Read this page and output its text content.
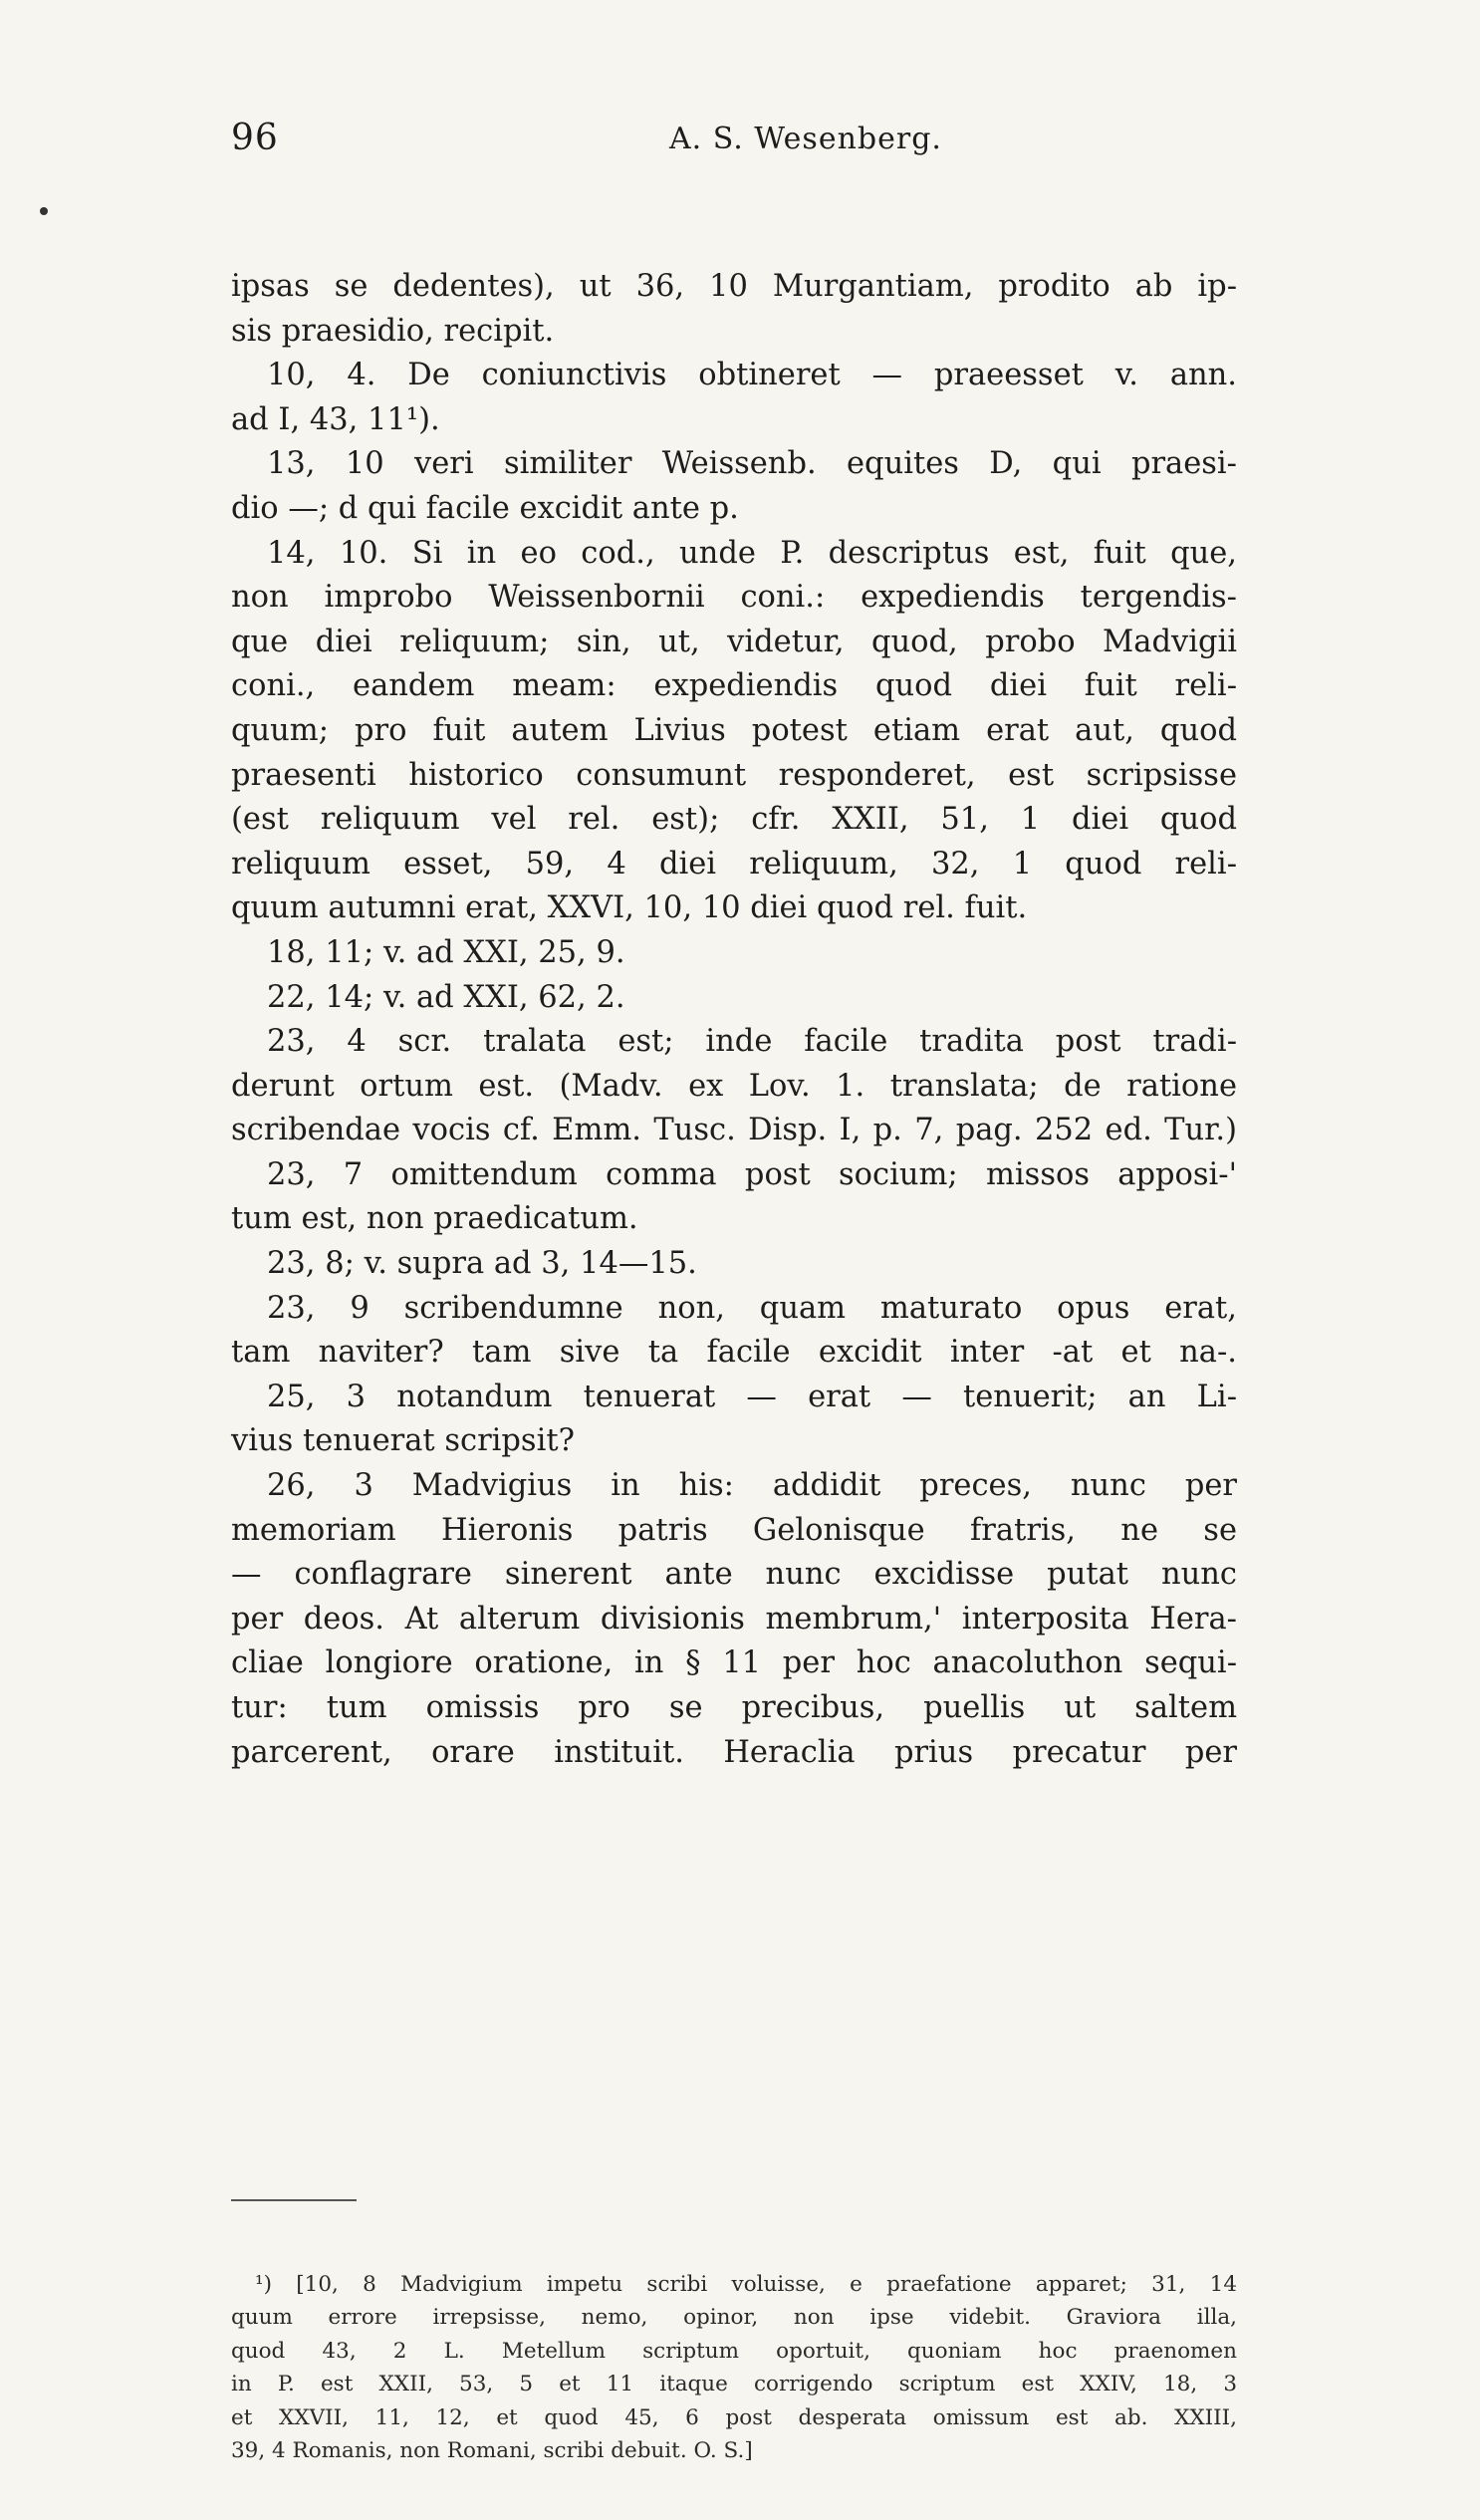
96	A. S. Wesenberg.
ipsas se dedentes), ut 36, 10 Murgantiam, prodito ab ip-
sis praesidio, recipit.
10, 4. De coniunctivis obtineret — praeesset v. ann.
ad I, 43, 11¹).
13, 10 veri similiter Weissenb. equites D, qui praesi-
dio —; d qui facile excidit ante p.
14, 10. Si in eo cod., unde P. descriptus est, fuit que,
non improbo Weissenbornii coni.: expediendis tergendis-
que diei reliquum; sin, ut, videtur, quod, probo Madvigii
coni., eandem meam: expediendis quod diei fuit reli-
quum; pro fuit autem Livius potest etiam erat aut, quod
praesenti historico consumunt responderet, est scripsisse
(est reliquum vel rel. est); cfr. XXII, 51, 1 diei quod
reliquum esset, 59, 4 diei reliquum, 32, 1 quod reli-
quum autumni erat, XXVI, 10, 10 diei quod rel. fuit.
18, 11; v. ad XXI, 25, 9.
22, 14; v. ad XXI, 62, 2.
23, 4 scr. tralata est; inde facile tradita post tradi-
derunt ortum est. (Madv. ex Lov. 1. translata; de ratione
scribendae vocis cf. Emm. Tusc. Disp. I, p. 7, pag. 252 ed. Tur.)
23, 7 omittendum comma post socium; missos apposi-'
tum est, non praedicatum.
23, 8; v. supra ad 3, 14—15.
23, 9 scribendumne non, quam maturato opus erat,
tam naviter? tam sive ta facile excidit inter -at et na-.
25, 3 notandum tenuerat — erat — tenuerit; an Li-
vius tenuerat scripsit?
26, 3 Madvigius in his: addidit preces, nunc per
memoriam Hieronis patris Gelonisque fratris, ne se
— conflagrare sinerent ante nunc excidisse putat nunc
per deos. At alterum divisionis membrum,' interposita Hera-
cliae longiore oratione, in § 11 per hoc anacoluthon sequi-
tur: tum omissis pro se precibus, puellis ut saltem
parcerent, orare instituit. Heraclia prius precatur per
¹) [10, 8 Madvigium impetu scribi voluisse, e praefatione apparet; 31, 14
quum errore irrepsisse, nemo, opinor, non ipse videbit. Graviora illa,
quod 43, 2 L. Metellum scriptum oportuit, quoniam hoc praenomen
in P. est XXII, 53, 5 et 11 itaque corrigendo scriptum est XXIV, 18, 3
et XXVII, 11, 12, et quod 45, 6 post desperata omissum est ab. XXIII,
39, 4 Romanis, non Romani, scribi debuit. O. S.]
